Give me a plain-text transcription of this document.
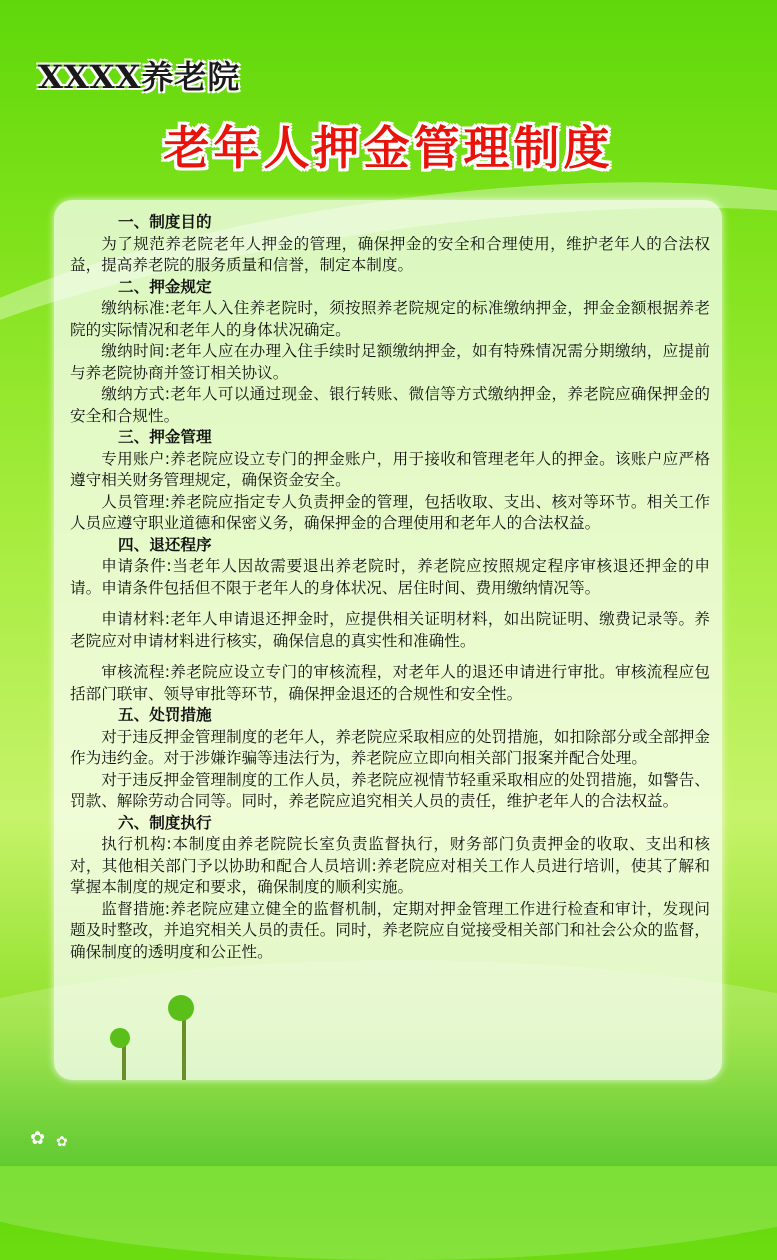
XXXX养老院
老年人押金管理制度
一、制度目的

为了规范养老院老年人押金的管理，确保押金的安全和合理使用，维护老年人的合法权益，提高养老院的服务质量和信誉，制定本制度。

二、押金规定

缴纳标准:老年人入住养老院时，须按照养老院规定的标准缴纳押金，押金金额根据养老院的实际情况和老年人的身体状况确定。

缴纳时间:老年人应在办理入住手续时足额缴纳押金，如有特殊情况需分期缴纳，应提前与养老院协商并签订相关协议。

缴纳方式:老年人可以通过现金、银行转账、微信等方式缴纳押金，养老院应确保押金的安全和合规性。

三、押金管理

专用账户:养老院应设立专门的押金账户，用于接收和管理老年人的押金。该账户应严格遵守相关财务管理规定，确保资金安全。

人员管理:养老院应指定专人负责押金的管理，包括收取、支出、核对等环节。相关工作人员应遵守职业道德和保密义务，确保押金的合理使用和老年人的合法权益。

四、退还程序

申请条件:当老年人因故需要退出养老院时，养老院应按照规定程序审核退还押金的申请。申请条件包括但不限于老年人的身体状况、居住时间、费用缴纳情况等。

申请材料:老年人申请退还押金时，应提供相关证明材料，如出院证明、缴费记录等。养老院应对申请材料进行核实，确保信息的真实性和准确性。

审核流程:养老院应设立专门的审核流程，对老年人的退还申请进行审批。审核流程应包括部门联审、领导审批等环节，确保押金退还的合规性和安全性。

五、处罚措施

对于违反押金管理制度的老年人，养老院应采取相应的处罚措施，如扣除部分或全部押金作为违约金。对于涉嫌诈骗等违法行为，养老院应立即向相关部门报案并配合处理。

对于违反押金管理制度的工作人员，养老院应视情节轻重采取相应的处罚措施，如警告、罚款、解除劳动合同等。同时，养老院应追究相关人员的责任，维护老年人的合法权益。

六、制度执行

执行机构:本制度由养老院院长室负责监督执行，财务部门负责押金的收取、支出和核对，其他相关部门予以协助和配合人员培训:养老院应对相关工作人员进行培训，使其了解和掌握本制度的规定和要求，确保制度的顺利实施。

监督措施:养老院应建立健全的监督机制，定期对押金管理工作进行检查和审计，发现问题及时整改，并追究相关人员的责任。同时，养老院应自觉接受相关部门和社会公众的监督，确保制度的透明度和公正性。

✿ ✿
